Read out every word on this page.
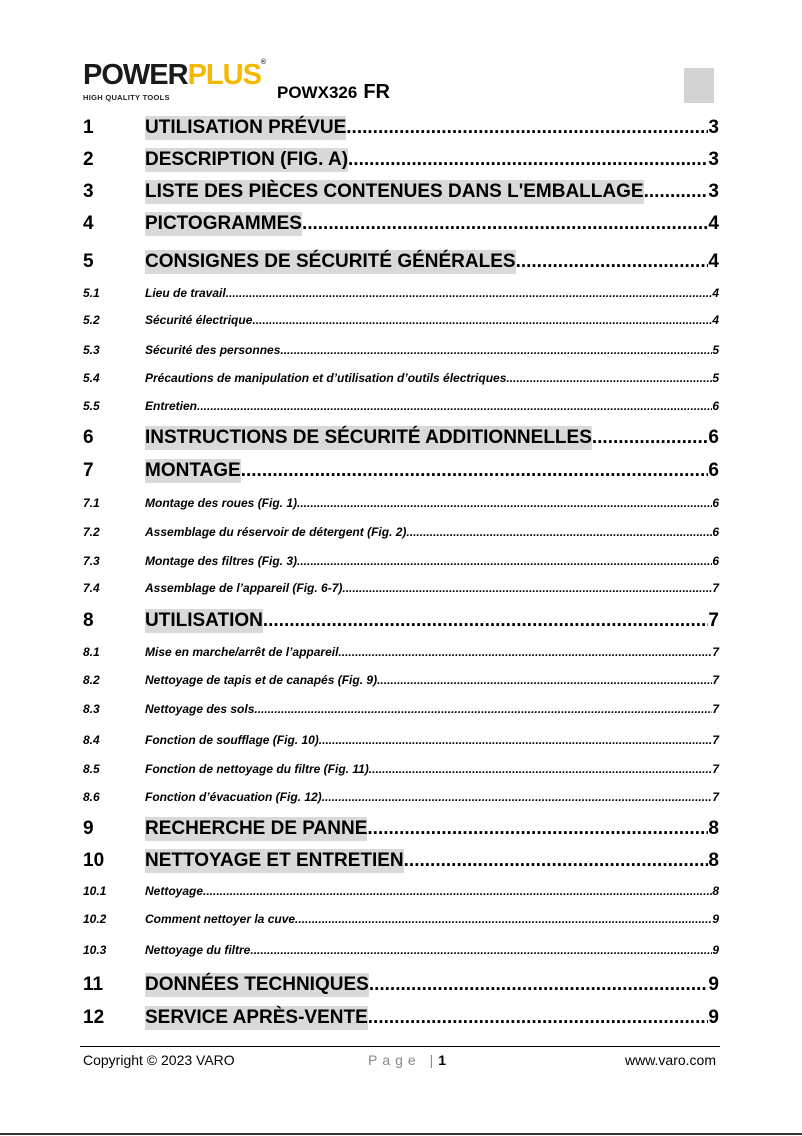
POWERPLUS®
HIGH QUALITY TOOLS	POWX326 FR
1	UTILISATION PRÉVUE .....	3
2	DESCRIPTION (FIG. A) .....	3
3	LISTE DES PIÈCES CONTENUES DANS L'EMBALLAGE .....	3
4	PICTOGRAMMES .....	4
5	CONSIGNES DE SÉCURITÉ GÉNÉRALES .....	4
5.1	Lieu de travail .....	4
5.2	Sécurité électrique .....	4
5.3	Sécurité des personnes .....	5
5.4	Précautions de manipulation et d’utilisation d’outils électriques .....	5
5.5	Entretien .....	6
6	INSTRUCTIONS DE SÉCURITÉ ADDITIONNELLES .....	6
7	MONTAGE .....	6
7.1	Montage des roues (Fig. 1) .....	6
7.2	Assemblage du réservoir de détergent (Fig. 2) .....	6
7.3	Montage des filtres (Fig. 3) .....	6
7.4	Assemblage de l’appareil (Fig. 6-7) .....	7
8	UTILISATION .....	7
8.1	Mise en marche/arrêt de l’appareil .....	7
8.2	Nettoyage de tapis et de canapés (Fig. 9) .....	7
8.3	Nettoyage des sols .....	7
8.4	Fonction de soufflage (Fig. 10) .....	7
8.5	Fonction de nettoyage du filtre (Fig. 11) .....	7
8.6	Fonction d’évacuation (Fig. 12) .....	7
9	RECHERCHE DE PANNE .....	8
10	NETTOYAGE ET ENTRETIEN .....	8
10.1	Nettoyage .....	8
10.2	Comment nettoyer la cuve .....	9
10.3	Nettoyage du filtre .....	9
11	DONNÉES TECHNIQUES .....	9
12	SERVICE APRÈS-VENTE .....	9
Copyright © 2023 VARO	Page |1	www.varo.com
